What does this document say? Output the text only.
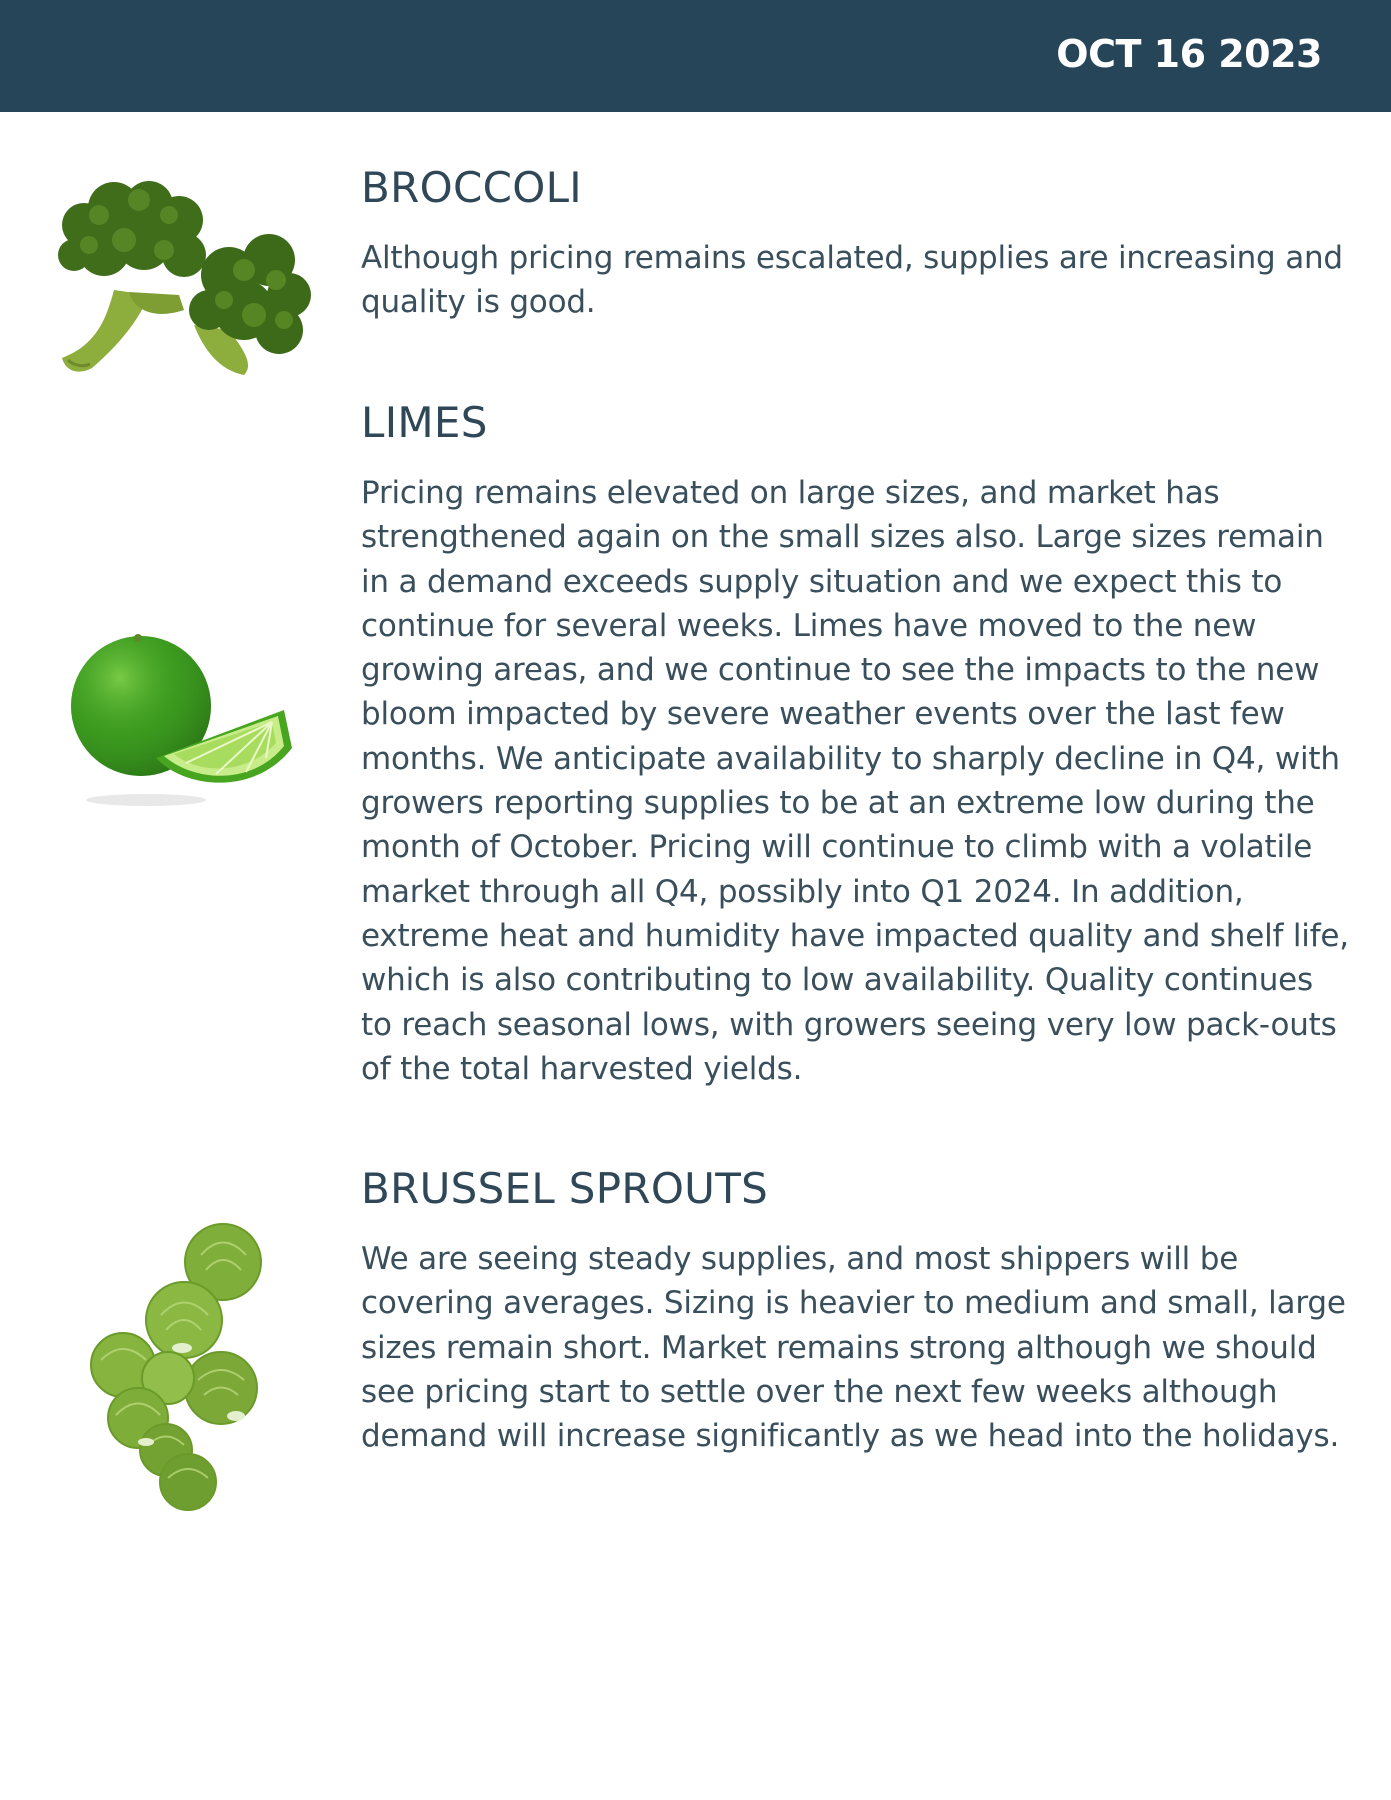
OCT 16 2023
BROCCOLI

Although pricing remains escalated, supplies are increasing and quality is good.

LIMES

Pricing remains elevated on large sizes, and market has strengthened again on the small sizes also. Large sizes remain in a demand exceeds supply situation and we expect this to continue for several weeks. Limes have moved to the new growing areas, and we continue to see the impacts to the new bloom impacted by severe weather events over the last few months. We anticipate availability to sharply decline in Q4, with growers reporting supplies to be at an extreme low during the month of October. Pricing will continue to climb with a volatile market through all Q4, possibly into Q1 2024. In addition, extreme heat and humidity have impacted quality and shelf life, which is also contributing to low availability. Quality continues to reach seasonal lows, with growers seeing very low pack-outs of the total harvested yields.

BRUSSEL SPROUTS

We are seeing steady supplies, and most shippers will be covering averages. Sizing is heavier to medium and small, large sizes remain short. Market remains strong although we should see pricing start to settle over the next few weeks although demand will increase significantly as we head into the holidays.
